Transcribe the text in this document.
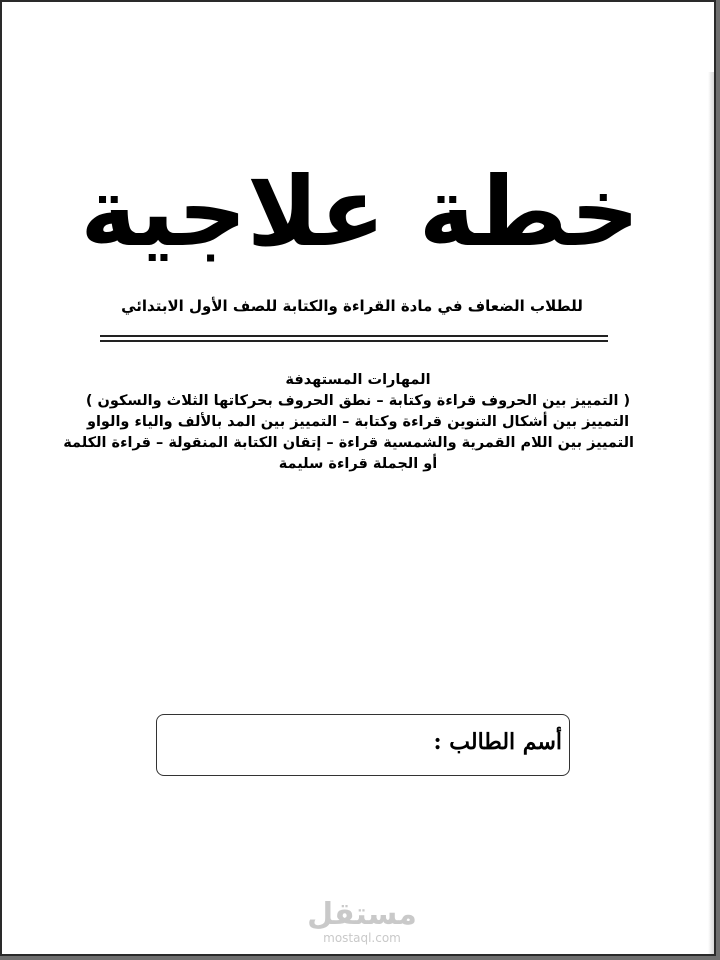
خطة علاجية
للطلاب الضعاف في مادة القراءة والكتابة للصف الأول الابتدائي
المهارات المستهدفة
( التمييز بين الحروف قراءة وكتابة – نطق الحروف بحركاتها الثلاث والسكون )
التمييز بين أشكال التنوين قراءة وكتابة – التمييز بين المد بالألف والياء والواو
التمييز بين اللام القمرية والشمسية قراءة – إتقان الكتابة المنقولة – قراءة الكلمة
أو الجملة قراءة سليمة
أسم الطالب :
مستقل
mostaql.com
